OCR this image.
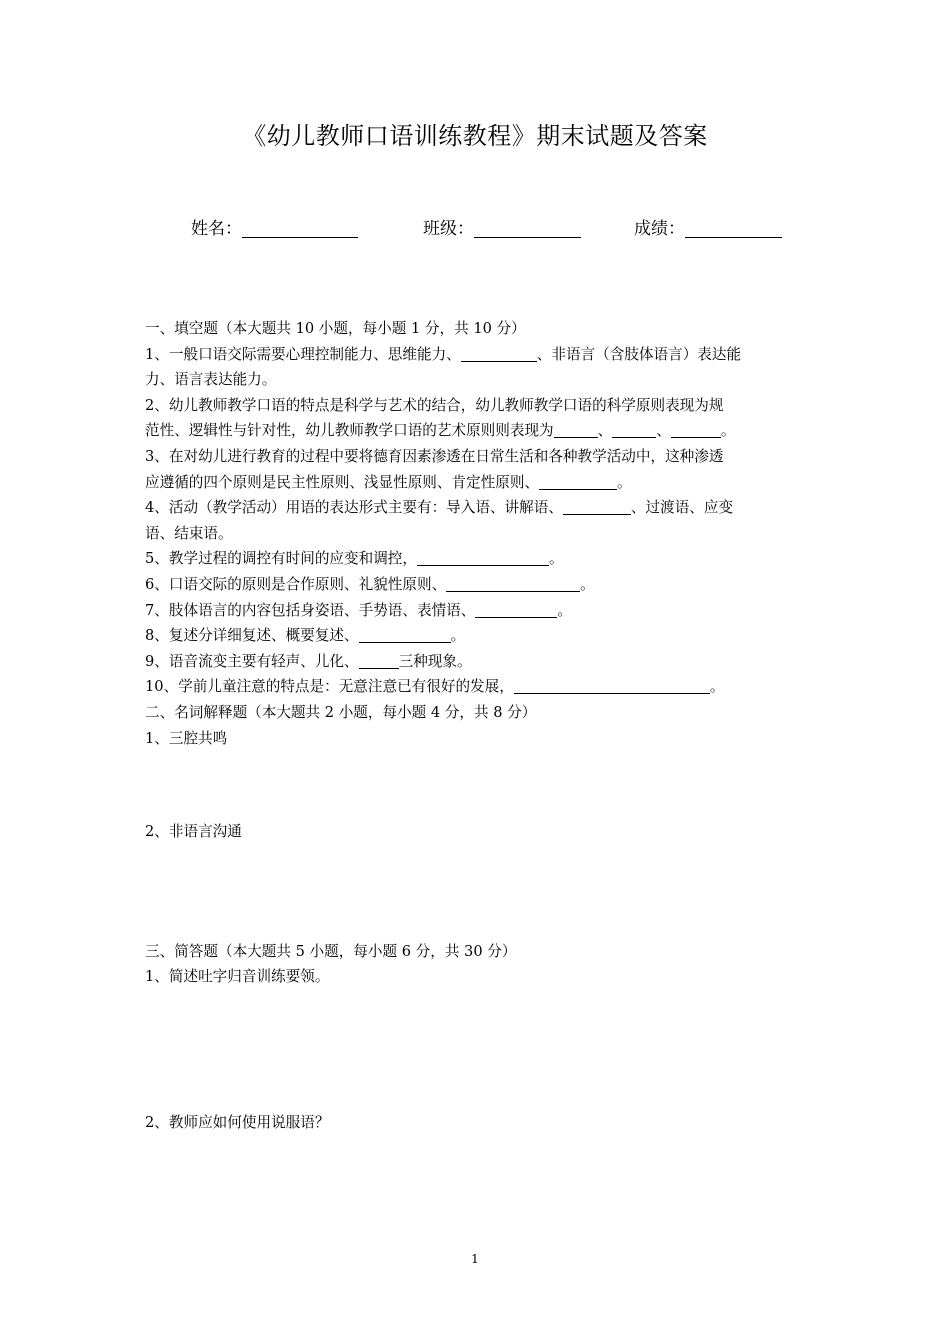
《幼儿教师口语训练教程》期末试题及答案
姓名：	班级：	成绩：
一、填空题（本大题共 10 小题，每小题 1 分，共 10 分）
1、一般口语交际需要心理控制能力、思维能力、	、非语言（含肢体语言）表达能
力、语言表达能力。
2、幼儿教师教学口语的特点是科学与艺术的结合，幼儿教师教学口语的科学原则表现为规
范性、逻辑性与针对性，幼儿教师教学口语的艺术原则则表现为	、	、	。
3、在对幼儿进行教育的过程中要将德育因素渗透在日常生活和各种教学活动中，这种渗透
应遵循的四个原则是民主性原则、浅显性原则、肯定性原则、	。
4、活动（教学活动）用语的表达形式主要有：导入语、讲解语、	、过渡语、应变
语、结束语。
5、教学过程的调控有时间的应变和调控，	。
6、口语交际的原则是合作原则、礼貌性原则、	。
7、肢体语言的内容包括身姿语、手势语、表情语、	。
8、复述分详细复述、概要复述、	。
9、语音流变主要有轻声、儿化、	三种现象。
10、学前儿童注意的特点是：无意注意已有很好的发展，	。
二、名词解释题（本大题共 2 小题，每小题 4 分，共 8 分）
1、三腔共鸣
2、非语言沟通
三、简答题（本大题共 5 小题，每小题 6 分，共 30 分）
1、简述吐字归音训练要领。
2、教师应如何使用说服语？
1
